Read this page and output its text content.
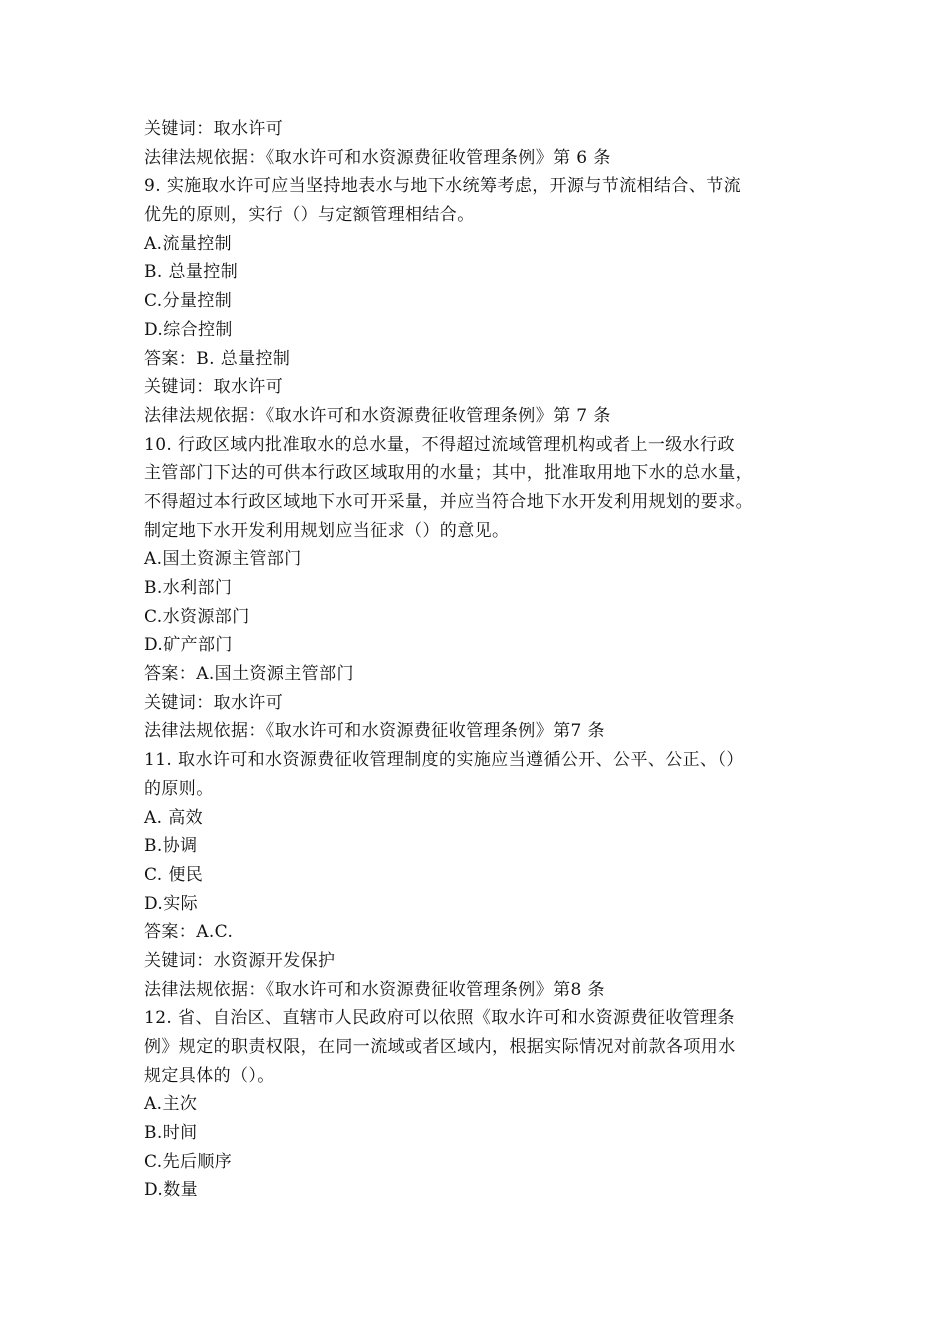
关键词：取水许可
法律法规依据：《取水许可和水资源费征收管理条例》第 6 条
9. 实施取水许可应当坚持地表水与地下水统筹考虑，开源与节流相结合、节流
优先的原则，实行（）与定额管理相结合。
A.流量控制
B. 总量控制
C.分量控制
D.综合控制
答案：B. 总量控制
关键词：取水许可
法律法规依据：《取水许可和水资源费征收管理条例》第 7 条
10. 行政区域内批准取水的总水量，不得超过流域管理机构或者上一级水行政
主管部门下达的可供本行政区域取用的水量；其中，批准取用地下水的总水量，
不得超过本行政区域地下水可开采量，并应当符合地下水开发利用规划的要求。
制定地下水开发利用规划应当征求（）的意见。
A.国土资源主管部门
B.水利部门
C.水资源部门
D.矿产部门
答案：A.国土资源主管部门
关键词：取水许可
法律法规依据：《取水许可和水资源费征收管理条例》第7 条
11. 取水许可和水资源费征收管理制度的实施应当遵循公开、公平、公正、（）
的原则。
A. 高效
B.协调
C. 便民
D.实际
答案：A.C.
关键词：水资源开发保护
法律法规依据：《取水许可和水资源费征收管理条例》第8 条
12. 省、自治区、直辖市人民政府可以依照《取水许可和水资源费征收管理条
例》规定的职责权限，在同一流域或者区域内，根据实际情况对前款各项用水
规定具体的（）。
A.主次
B.时间
C.先后顺序
D.数量
